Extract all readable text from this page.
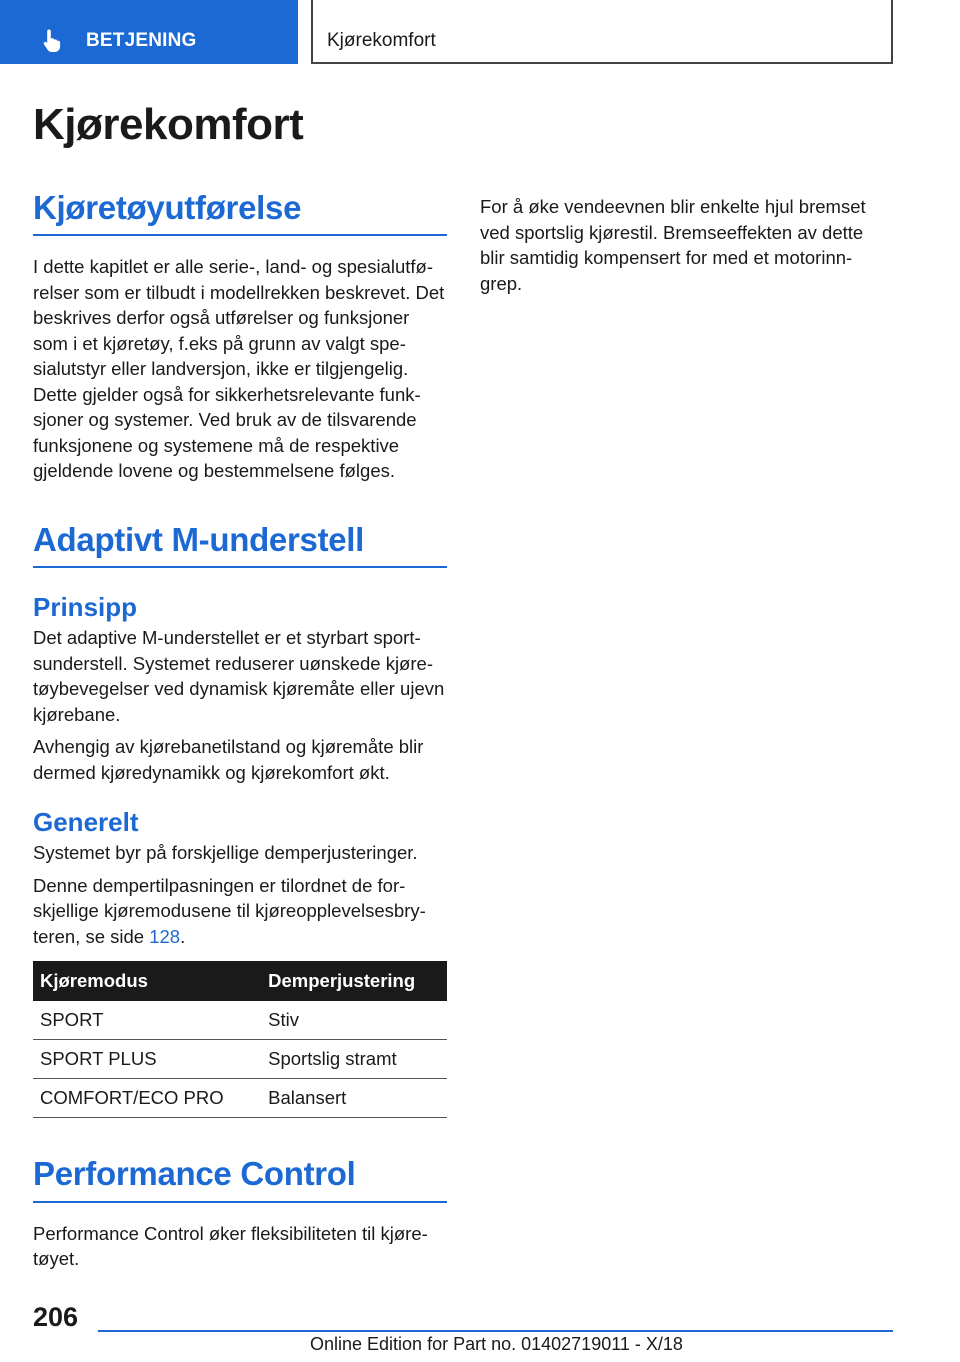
BETJENING	Kjørekomfort
Kjørekomfort
Kjøretøyutførelse

I dette kapitlet er alle serie-, land- og spesialutførelser som er tilbudt i modellrekken beskrevet. Det beskrives derfor også utførelser og funksjoner som i et kjøretøy, f.eks på grunn av valgt spesialutstyr eller landversjon, ikke er tilgjengelig. Dette gjelder også for sikkerhetsrelevante funksjoner og systemer. Ved bruk av de tilsvarende funksjonene og systemene må de respektive gjeldende lovene og bestemmelsene følges.

Adaptivt M-understell
Prinsipp

Det adaptive M-understellet er et styrbart sportsunderstell. Systemet reduserer uønskede kjøretøybevegelser ved dynamisk kjøremåte eller ujevn kjørebane.

Avhengig av kjørebanetilstand og kjøremåte blir dermed kjøredynamikk og kjørekomfort økt.

Generelt

Systemet byr på forskjellige demperjusteringer.

Denne dempertilpasningen er tilordnet de forskjellige kjøremodusene til kjøreopplevelsesbryteren, se side 128.

Kjøremodus	Demperjustering
SPORT	Stiv
SPORT PLUS	Sportslig stramt
COMFORT/ECO PRO	Balansert
Performance Control

Performance Control øker fleksibiliteten til kjøretøyet.

For å øke vendeevnen blir enkelte hjul bremset ved sportslig kjørestil. Bremseeffekten av dette blir samtidig kompensert for med et motorinngrep.

206
Online Edition for Part no. 01402719011 - X/18
